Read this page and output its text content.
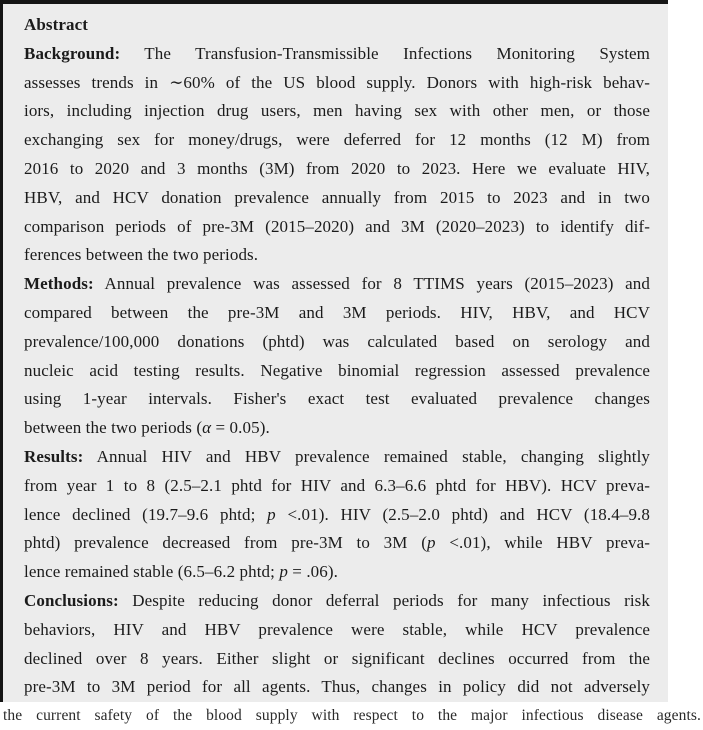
Abstract
Background: The Transfusion-Transmissible Infections Monitoring System
assesses trends in ∼60% of the US blood supply. Donors with high-risk behav-
iors, including injection drug users, men having sex with other men, or those
exchanging sex for money/drugs, were deferred for 12 months (12 M) from
2016 to 2020 and 3 months (3M) from 2020 to 2023. Here we evaluate HIV,
HBV, and HCV donation prevalence annually from 2015 to 2023 and in two
comparison periods of pre-3M (2015–2020) and 3M (2020–2023) to identify dif-
ferences between the two periods.
Methods: Annual prevalence was assessed for 8 TTIMS years (2015–2023) and
compared between the pre-3M and 3M periods. HIV, HBV, and HCV
prevalence/100,000 donations (phtd) was calculated based on serology and
nucleic acid testing results. Negative binomial regression assessed prevalence
using 1-year intervals. Fisher's exact test evaluated prevalence changes
between the two periods (α = 0.05).
Results: Annual HIV and HBV prevalence remained stable, changing slightly
from year 1 to 8 (2.5–2.1 phtd for HIV and 6.3–6.6 phtd for HBV). HCV preva-
lence declined (19.7–9.6 phtd; p <.01). HIV (2.5–2.0 phtd) and HCV (18.4–9.8
phtd) prevalence decreased from pre-3M to 3M (p <.01), while HBV preva-
lence remained stable (6.5–6.2 phtd; p = .06).
Conclusions: Despite reducing donor deferral periods for many infectious risk
behaviors, HIV and HBV prevalence were stable, while HCV prevalence
declined over 8 years. Either slight or significant declines occurred from the
pre-3M to 3M period for all agents. Thus, changes in policy did not adversely
the current safety of the blood supply with respect to the major infectious disease agents.
